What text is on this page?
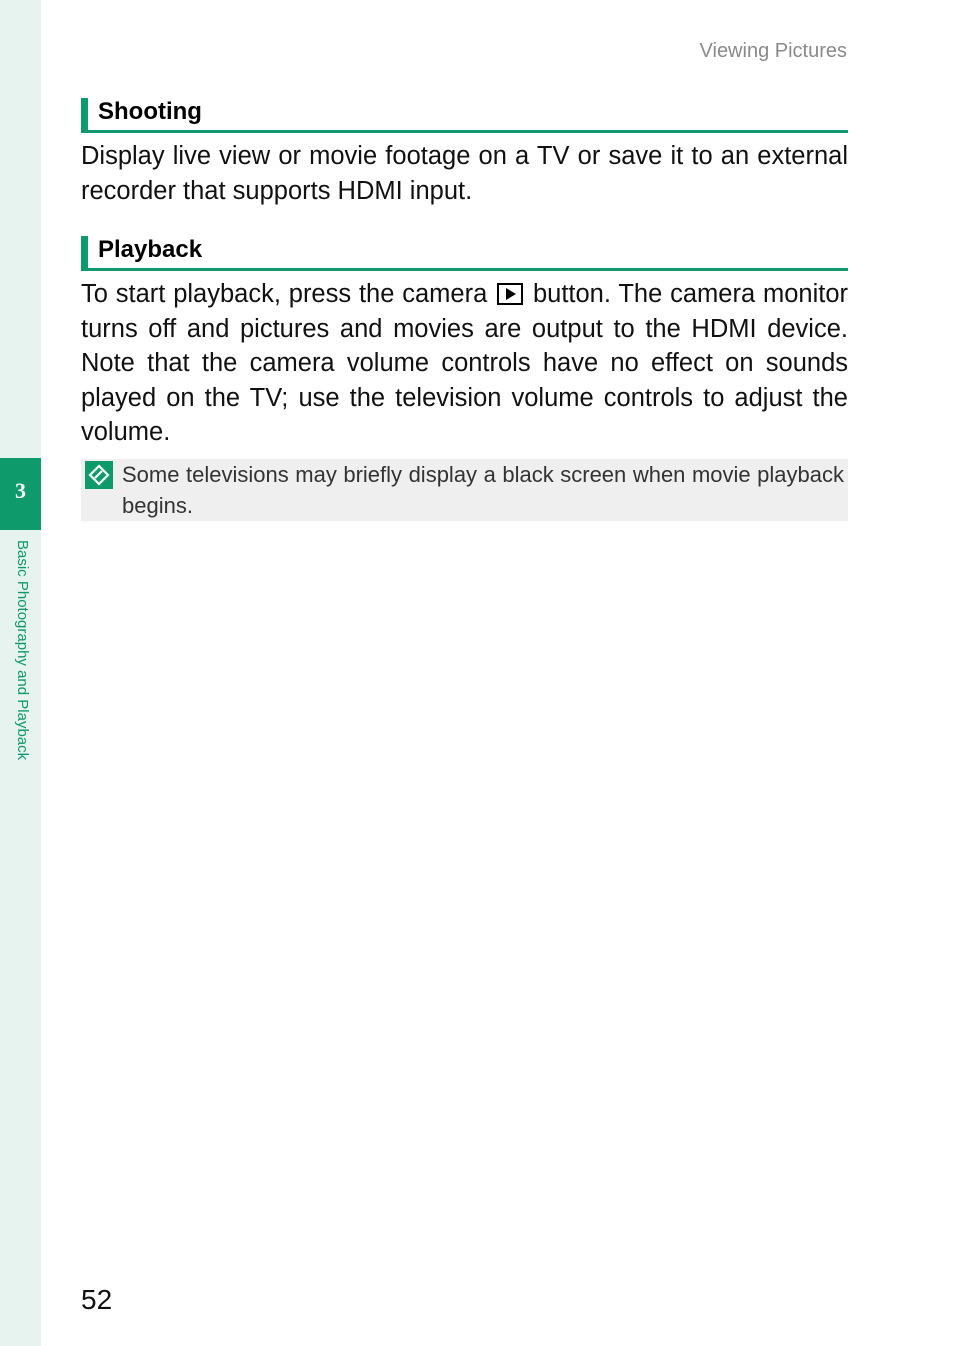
3
Basic Photography and Playback
Viewing Pictures
Shooting
Display live view or movie footage on a TV or save it to an external recorder that supports HDMI input.
Playback
To start playback, press the camera button. The camera monitor turns off and pictures and movies are output to the HDMI device. Note that the camera volume controls have no effect on sounds played on the TV; use the television volume controls to adjust the volume.
Some televisions may briefly display a black screen when movie playback begins.
52
